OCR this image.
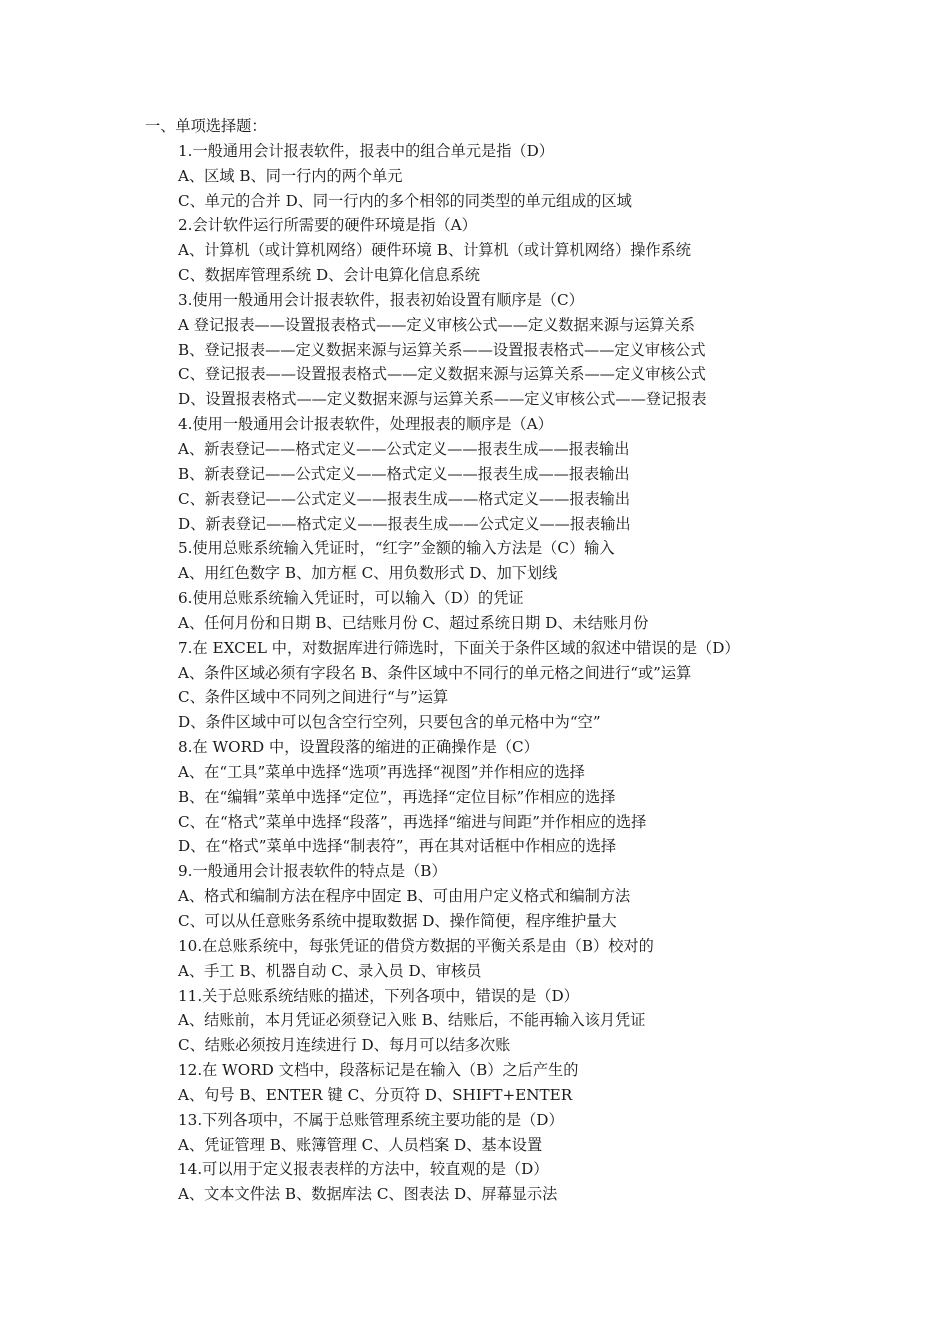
一、单项选择题：
1.一般通用会计报表软件，报表中的组合单元是指（D）
A、区域 B、同一行内的两个单元
C、单元的合并 D、同一行内的多个相邻的同类型的单元组成的区域
2.会计软件运行所需要的硬件环境是指（A）
A、计算机（或计算机网络）硬件环境 B、计算机（或计算机网络）操作系统
C、数据库管理系统 D、会计电算化信息系统
3.使用一般通用会计报表软件，报表初始设置有顺序是（C）
A 登记报表——设置报表格式——定义审核公式——定义数据来源与运算关系
B、登记报表——定义数据来源与运算关系——设置报表格式——定义审核公式
C、登记报表——设置报表格式——定义数据来源与运算关系——定义审核公式
D、设置报表格式——定义数据来源与运算关系——定义审核公式——登记报表
4.使用一般通用会计报表软件，处理报表的顺序是（A）
A、新表登记——格式定义——公式定义——报表生成——报表输出
B、新表登记——公式定义——格式定义——报表生成——报表输出
C、新表登记——公式定义——报表生成——格式定义——报表输出
D、新表登记——格式定义——报表生成——公式定义——报表输出
5.使用总账系统输入凭证时，“红字”金额的输入方法是（C）输入
A、用红色数字 B、加方框 C、用负数形式 D、加下划线
6.使用总账系统输入凭证时，可以输入（D）的凭证
A、任何月份和日期 B、已结账月份 C、超过系统日期 D、未结账月份
7.在 EXCEL 中，对数据库进行筛选时，下面关于条件区域的叙述中错误的是（D）
A、条件区域必须有字段名 B、条件区域中不同行的单元格之间进行“或”运算
C、条件区域中不同列之间进行“与”运算
D、条件区域中可以包含空行空列，只要包含的单元格中为“空”
8.在 WORD 中，设置段落的缩进的正确操作是（C）
A、在“工具”菜单中选择“选项”再选择“视图”并作相应的选择
B、在“编辑”菜单中选择“定位”，再选择“定位目标”作相应的选择
C、在“格式”菜单中选择“段落”，再选择“缩进与间距”并作相应的选择
D、在“格式”菜单中选择“制表符”，再在其对话框中作相应的选择
9.一般通用会计报表软件的特点是（B）
A、格式和编制方法在程序中固定 B、可由用户定义格式和编制方法
C、可以从任意账务系统中提取数据 D、操作简便，程序维护量大
10.在总账系统中，每张凭证的借贷方数据的平衡关系是由（B）校对的
A、手工 B、机器自动 C、录入员 D、审核员
11.关于总账系统结账的描述，下列各项中，错误的是（D）
A、结账前，本月凭证必须登记入账 B、结账后，不能再输入该月凭证
C、结账必须按月连续进行 D、每月可以结多次账
12.在 WORD 文档中，段落标记是在输入（B）之后产生的
A、句号 B、ENTER 键 C、分页符 D、SHIFT+ENTER
13.下列各项中，不属于总账管理系统主要功能的是（D）
A、凭证管理 B、账簿管理 C、人员档案 D、基本设置
14.可以用于定义报表表样的方法中，较直观的是（D）
A、文本文件法 B、数据库法 C、图表法 D、屏幕显示法
